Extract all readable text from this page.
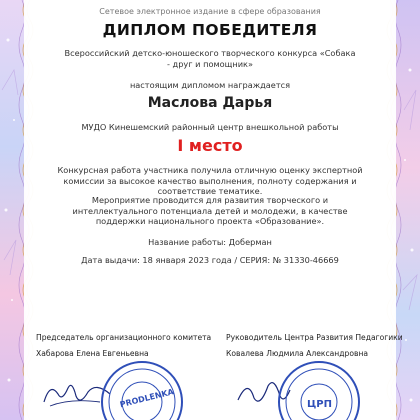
Сетевое электронное издание в сфере образования
ДИПЛОМ ПОБЕДИТЕЛЯ
Всероссийский детско-юношеского творческого конкурса «Собака - друг и помощник»
настоящим дипломом награждается
Маслова Дарья
МУДО Кинешемский районный центр внешкольной работы
I место
Конкурсная работа участника получила отличную оценку экспертной комиссии за высокое качество выполнения, полноту содержания и соответствие тематике.
Мероприятие проводится для развития творческого и интеллектуального потенциала детей и молодежи, в качестве поддержки национального проекта «Образование».
Название работы: Доберман
Дата выдачи: 18 января 2023 года / СЕРИЯ: № 31330-46669
Председатель организационного комитета
Хабарова Елена Евгеньевна
Руководитель Центра Развития Педагогики
Ковалева Людмила Александровна
PRODLENKA	ЦРП
